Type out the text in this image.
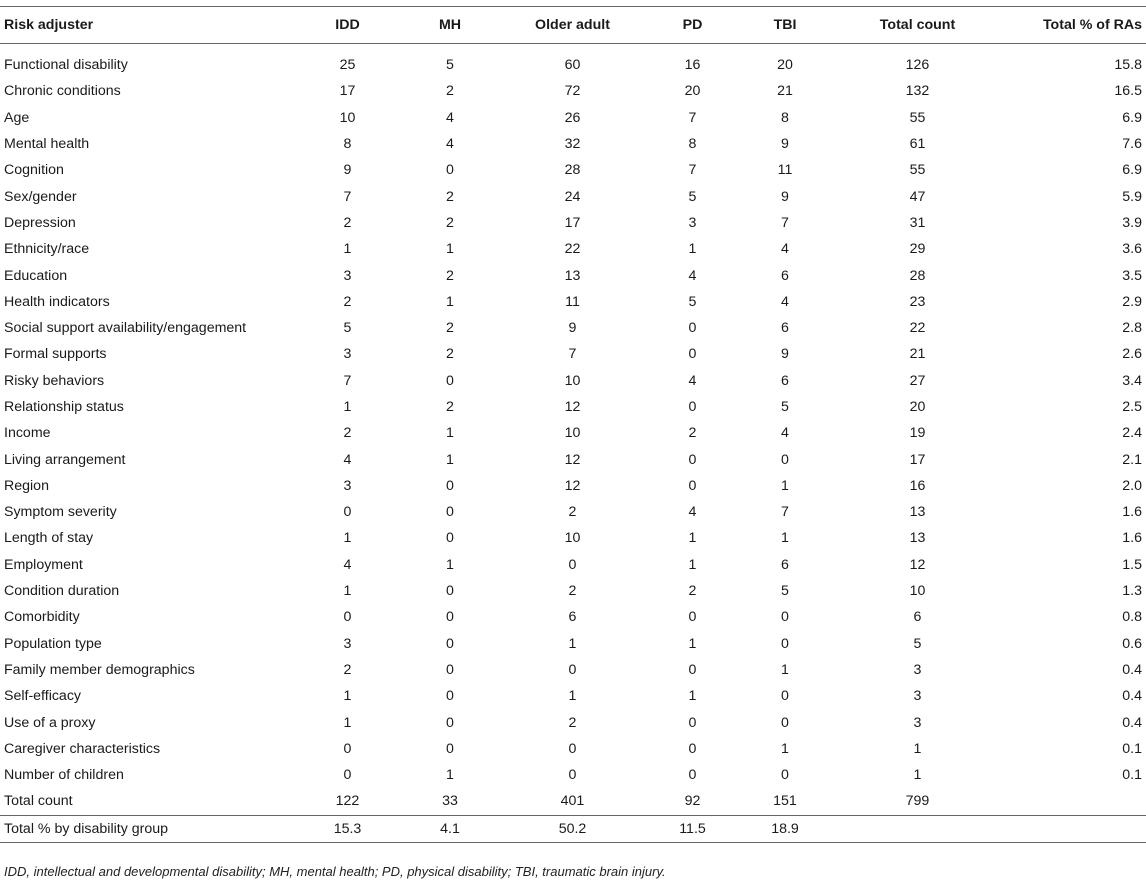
Risk adjuster	IDD	MH	Older adult	PD	TBI	Total count	Total % of RAs
Functional disability	25	5	60	16	20	126	15.8
Chronic conditions	17	2	72	20	21	132	16.5
Age	10	4	26	7	8	55	6.9
Mental health	8	4	32	8	9	61	7.6
Cognition	9	0	28	7	11	55	6.9
Sex/gender	7	2	24	5	9	47	5.9
Depression	2	2	17	3	7	31	3.9
Ethnicity/race	1	1	22	1	4	29	3.6
Education	3	2	13	4	6	28	3.5
Health indicators	2	1	11	5	4	23	2.9
Social support availability/engagement	5	2	9	0	6	22	2.8
Formal supports	3	2	7	0	9	21	2.6
Risky behaviors	7	0	10	4	6	27	3.4
Relationship status	1	2	12	0	5	20	2.5
Income	2	1	10	2	4	19	2.4
Living arrangement	4	1	12	0	0	17	2.1
Region	3	0	12	0	1	16	2.0
Symptom severity	0	0	2	4	7	13	1.6
Length of stay	1	0	10	1	1	13	1.6
Employment	4	1	0	1	6	12	1.5
Condition duration	1	0	2	2	5	10	1.3
Comorbidity	0	0	6	0	0	6	0.8
Population type	3	0	1	1	0	5	0.6
Family member demographics	2	0	0	0	1	3	0.4
Self-efficacy	1	0	1	1	0	3	0.4
Use of a proxy	1	0	2	0	0	3	0.4
Caregiver characteristics	0	0	0	0	1	1	0.1
Number of children	0	1	0	0	0	1	0.1
Total count	122	33	401	92	151	799	
Total % by disability group	15.3	4.1	50.2	11.5	18.9		
IDD, intellectual and developmental disability; MH, mental health; PD, physical disability; TBI, traumatic brain injury.
